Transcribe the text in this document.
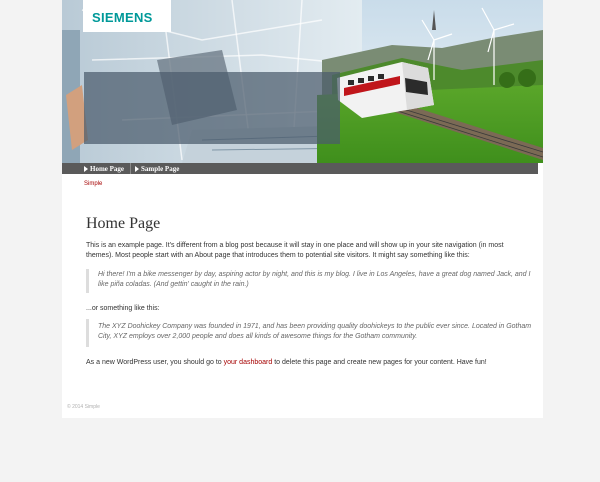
SIEMENS
Home Page Sample Page
Simple
Home Page

This is an example page. It's different from a blog post because it will stay in one place and will show up in your site navigation (in most themes). Most people start with an About page that introduces them to potential site visitors. It might say something like this:

Hi there! I'm a bike messenger by day, aspiring actor by night, and this is my blog. I live in Los Angeles, have a great dog named Jack, and I like piña coladas. (And gettin' caught in the rain.)

...or something like this:

The XYZ Doohickey Company was founded in 1971, and has been providing quality doohickeys to the public ever since. Located in Gotham City, XYZ employs over 2,000 people and does all kinds of awesome things for the Gotham community.

As a new WordPress user, you should go to your dashboard to delete this page and create new pages for your content. Have fun!

© 2014 Simple
